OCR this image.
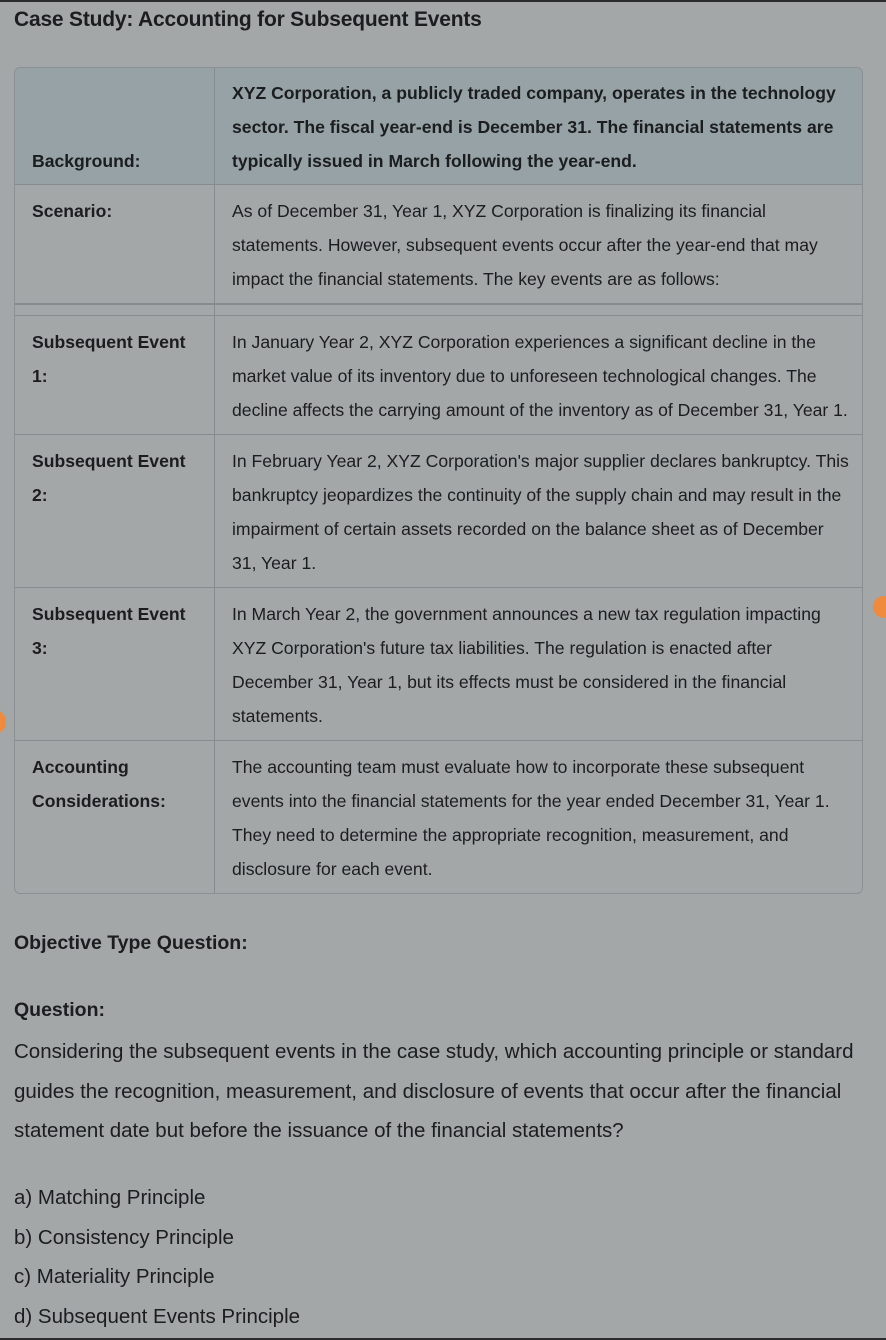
Case Study: Accounting for Subsequent Events
Background:	XYZ Corporation, a publicly traded company, operates in the technology sector. The fiscal year-end is December 31. The financial statements are typically issued in March following the year-end.
Scenario:	As of December 31, Year 1, XYZ Corporation is finalizing its financial statements. However, subsequent events occur after the year-end that may impact the financial statements. The key events are as follows:

Subsequent Event 1:	In January Year 2, XYZ Corporation experiences a significant decline in the market value of its inventory due to unforeseen technological changes. The decline affects the carrying amount of the inventory as of December 31, Year 1.
Subsequent Event 2:	In February Year 2, XYZ Corporation's major supplier declares bankruptcy. This bankruptcy jeopardizes the continuity of the supply chain and may result in the impairment of certain assets recorded on the balance sheet as of December 31, Year 1.
Subsequent Event 3:	In March Year 2, the government announces a new tax regulation impacting XYZ Corporation's future tax liabilities. The regulation is enacted after December 31, Year 1, but its effects must be considered in the financial statements.
Accounting Considerations:	The accounting team must evaluate how to incorporate these subsequent events into the financial statements for the year ended December 31, Year 1. They need to determine the appropriate recognition, measurement, and disclosure for each event.
Objective Type Question:
Question:
Considering the subsequent events in the case study, which accounting principle or standard guides the recognition, measurement, and disclosure of events that occur after the financial statement date but before the issuance of the financial statements?
a) Matching Principle
b) Consistency Principle
c) Materiality Principle
d) Subsequent Events Principle
